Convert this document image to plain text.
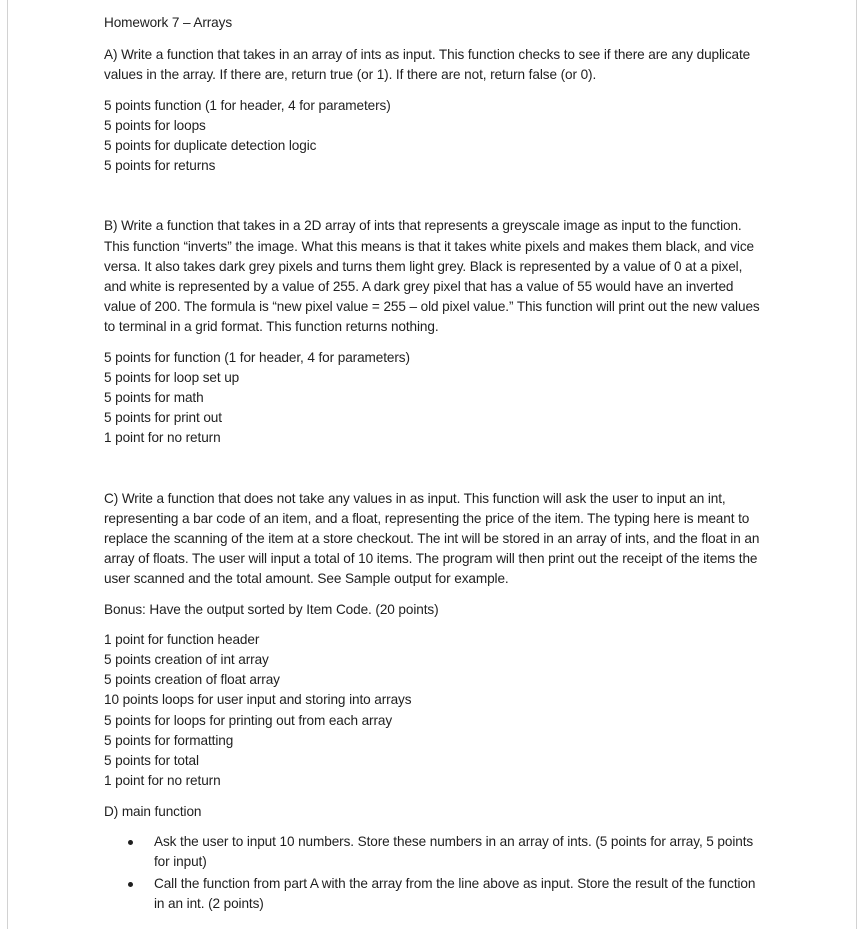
Homework 7 – Arrays
A) Write a function that takes in an array of ints as input. This function checks to see if there are any duplicate values in the array. If there are, return true (or 1). If there are not, return false (or 0).
5 points function (1 for header, 4 for parameters)
5 points for loops
5 points for duplicate detection logic
5 points for returns
B) Write a function that takes in a 2D array of ints that represents a greyscale image as input to the function. This function “inverts” the image. What this means is that it takes white pixels and makes them black, and vice versa. It also takes dark grey pixels and turns them light grey. Black is represented by a value of 0 at a pixel, and white is represented by a value of 255. A dark grey pixel that has a value of 55 would have an inverted value of 200. The formula is “new pixel value = 255 – old pixel value.” This function will print out the new values to terminal in a grid format. This function returns nothing.
5 points for function (1 for header, 4 for parameters)
5 points for loop set up
5 points for math
5 points for print out
1 point for no return
C) Write a function that does not take any values in as input. This function will ask the user to input an int, representing a bar code of an item, and a float, representing the price of the item. The typing here is meant to replace the scanning of the item at a store checkout. The int will be stored in an array of ints, and the float in an array of floats. The user will input a total of 10 items. The program will then print out the receipt of the items the user scanned and the total amount. See Sample output for example.
Bonus: Have the output sorted by Item Code. (20 points)
1 point for function header
5 points creation of int array
5 points creation of float array
10 points loops for user input and storing into arrays
5 points for loops for printing out from each array
5 points for formatting
5 points for total
1 point for no return
D) main function
Ask the user to input 10 numbers. Store these numbers in an array of ints. (5 points for array, 5 points for input)
Call the function from part A with the array from the line above as input. Store the result of the function in an int. (2 points)
